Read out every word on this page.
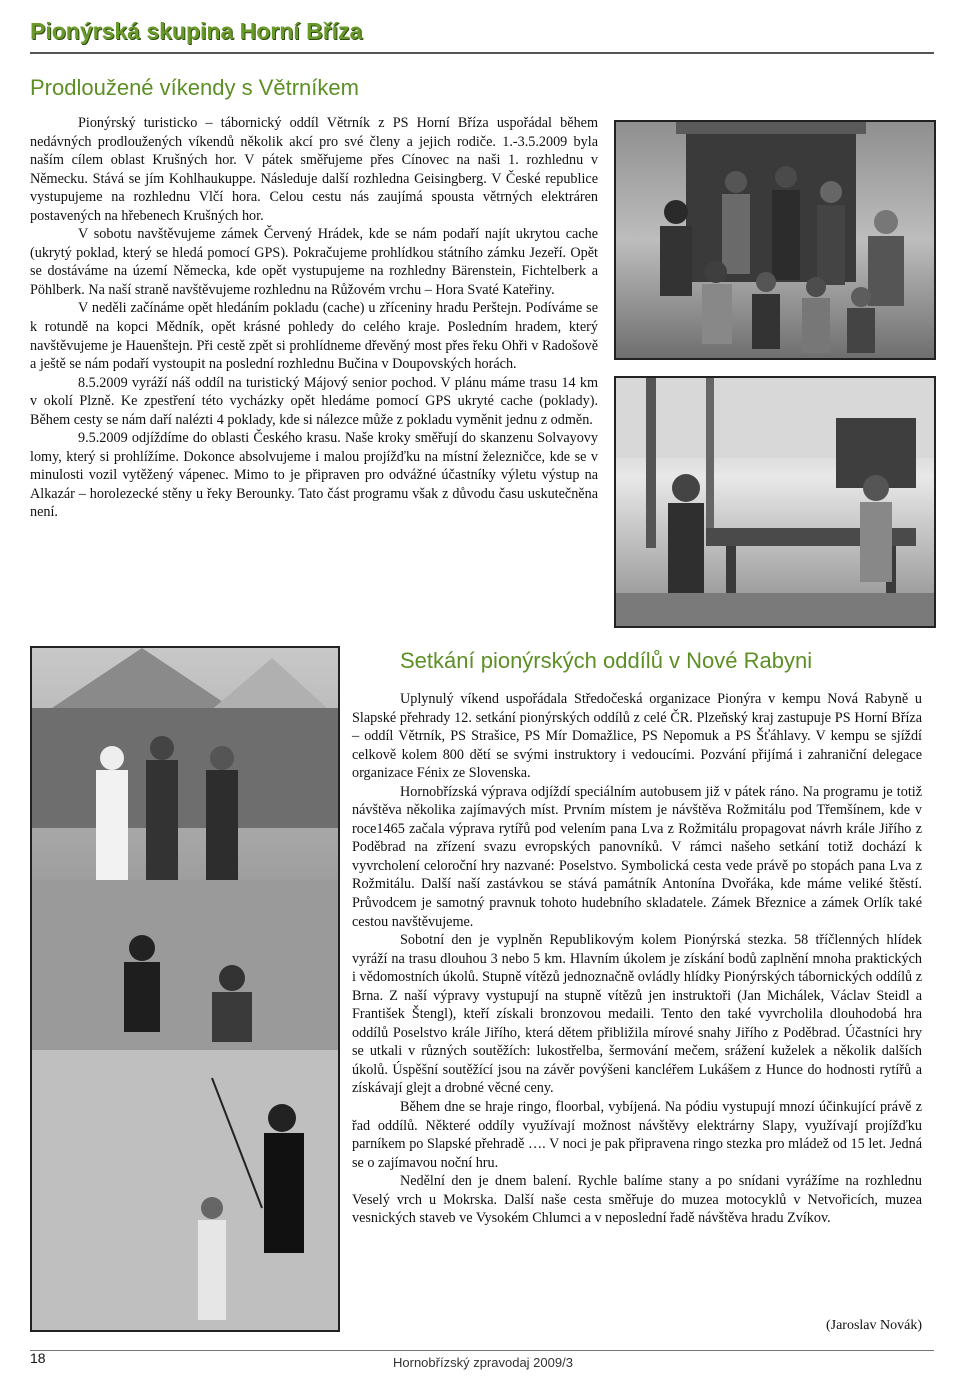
Pionýrská skupina Horní Bříza
Prodloužené víkendy s Větrníkem

Pionýrský turisticko – tábornický oddíl Větrník z PS Horní Bříza uspořádal během nedávných prodloužených víkendů několik akcí pro své členy a jejich rodiče. 1.-3.5.2009 byla naším cílem oblast Krušných hor. V pátek směřujeme přes Cínovec na naši 1. rozhlednu v Německu. Stává se jím Kohlhaukuppe. Následuje další rozhledna Geisingberg. V České republice vystupujeme na rozhlednu Vlčí hora. Celou cestu nás zaujímá spousta větrných elektráren postavených na hřebenech Krušných hor.

V sobotu navštěvujeme zámek Červený Hrádek, kde se nám podaří najít ukrytou cache (ukrytý poklad, který se hledá pomocí GPS). Pokračujeme prohlídkou státního zámku Jezeří. Opět se dostáváme na území Německa, kde opět vystupujeme na rozhledny Bärenstein, Fichtelberk a Pöhlberk. Na naší straně navštěvujeme rozhlednu na Růžovém vrchu – Hora Svaté Kateřiny.

V neděli začínáme opět hledáním pokladu (cache) u zříceniny hradu Perštejn. Podíváme se k rotundě na kopci Mědník, opět krásné pohledy do celého kraje. Posledním hradem, který navštěvujeme je Hauenštejn. Při cestě zpět si prohlídneme dřevěný most přes řeku Ohři v Radošově a ještě se nám podaří vystoupit na poslední rozhlednu Bučina v Doupovských horách.

8.5.2009 vyráží náš oddíl na turistický Májový senior pochod. V plánu máme trasu 14 km v okolí Plzně. Ke zpestření této vycházky opět hledáme pomocí GPS ukryté cache (poklady). Během cesty se nám daří nalézti 4 poklady, kde si nálezce může z pokladu vyměnit jednu z odměn.

9.5.2009 odjíždíme do oblasti Českého krasu. Naše kroky směřují do skanzenu Solvayovy lomy, který si prohlížíme. Dokonce absolvujeme i malou projížďku na místní železničce, kde se v minulosti vozil vytěžený vápenec. Mimo to je připraven pro odvážné účastníky výletu výstup na Alkazár – horolezecké stěny u řeky Berounky. Tato část programu však z důvodu času uskutečněna není.

Setkání pionýrských oddílů v Nové Rabyni

Uplynulý víkend uspořádala Středočeská organizace Pionýra v kempu Nová Rabyně u Slapské přehrady 12. setkání pionýrských oddílů z celé ČR. Plzeňský kraj zastupuje PS Horní Bříza – oddíl Větrník, PS Strašice, PS Mír Domažlice, PS Nepomuk a PS Šťáhlavy. V kempu se sjíždí celkově kolem 800 dětí se svými instruktory i vedoucími. Pozvání přijímá i zahraniční delegace organizace Fénix ze Slovenska.

Hornobřízská výprava odjíždí speciálním autobusem již v pátek ráno. Na programu je totiž návštěva několika zajímavých míst. Prvním místem je návštěva Rožmitálu pod Třemšínem, kde v roce1465 začala výprava rytířů pod velením pana Lva z Rožmitálu propagovat návrh krále Jiřího z Poděbrad na zřízení svazu evropských panovníků. V rámci našeho setkání totiž dochází k vyvrcholení celoroční hry nazvané: Poselstvo. Symbolická cesta vede právě po stopách pana Lva z Rožmitálu. Další naší zastávkou se stává památník Antonína Dvořáka, kde máme veliké štěstí. Průvodcem je samotný pravnuk tohoto hudebního skladatele. Zámek Březnice a zámek Orlík také cestou navštěvujeme.

Sobotní den je vyplněn Republikovým kolem Pionýrská stezka. 58 tříčlenných hlídek vyráží na trasu dlouhou 3 nebo 5 km. Hlavním úkolem je získání bodů zaplnění mnoha praktických i vědomostních úkolů. Stupně vítězů jednoznačně ovládly hlídky Pionýrských tábornických oddílů z Brna. Z naší výpravy vystupují na stupně vítězů jen instruktoři (Jan Michálek, Václav Steidl a František Štengl), kteří získali bronzovou medaili. Tento den také vyvrcholila dlouhodobá hra oddílů Poselstvo krále Jiřího, která dětem přibližila mírové snahy Jiřího z Poděbrad. Účastníci hry se utkali v různých soutěžích: lukostřelba, šermování mečem, srážení kuželek a několik dalších úkolů. Úspěšní soutěžící jsou na závěr povýšeni kancléřem Lukášem z Hunce do hodnosti rytířů a získávají glejt a drobné věcné ceny.

Během dne se hraje ringo, floorbal, vybíjená. Na pódiu vystupují mnozí účinkující právě z řad oddílů. Některé oddíly využívají možnost návštěvy elektrárny Slapy, využívají projížďku parníkem po Slapské přehradě …. V noci je pak připravena ringo stezka pro mládež od 15 let. Jedná se o zajímavou noční hru.

Nedělní den je dnem balení. Rychle balíme stany a po snídani vyrážíme na rozhlednu Veselý vrch u Mokrska. Další naše cesta směřuje do muzea motocyklů v Netvořicích, muzea vesnických staveb ve Vysokém Chlumci a v neposlední řadě návštěva hradu Zvíkov.

(Jaroslav Novák)
18	Hornobřízský zpravodaj 2009/3
